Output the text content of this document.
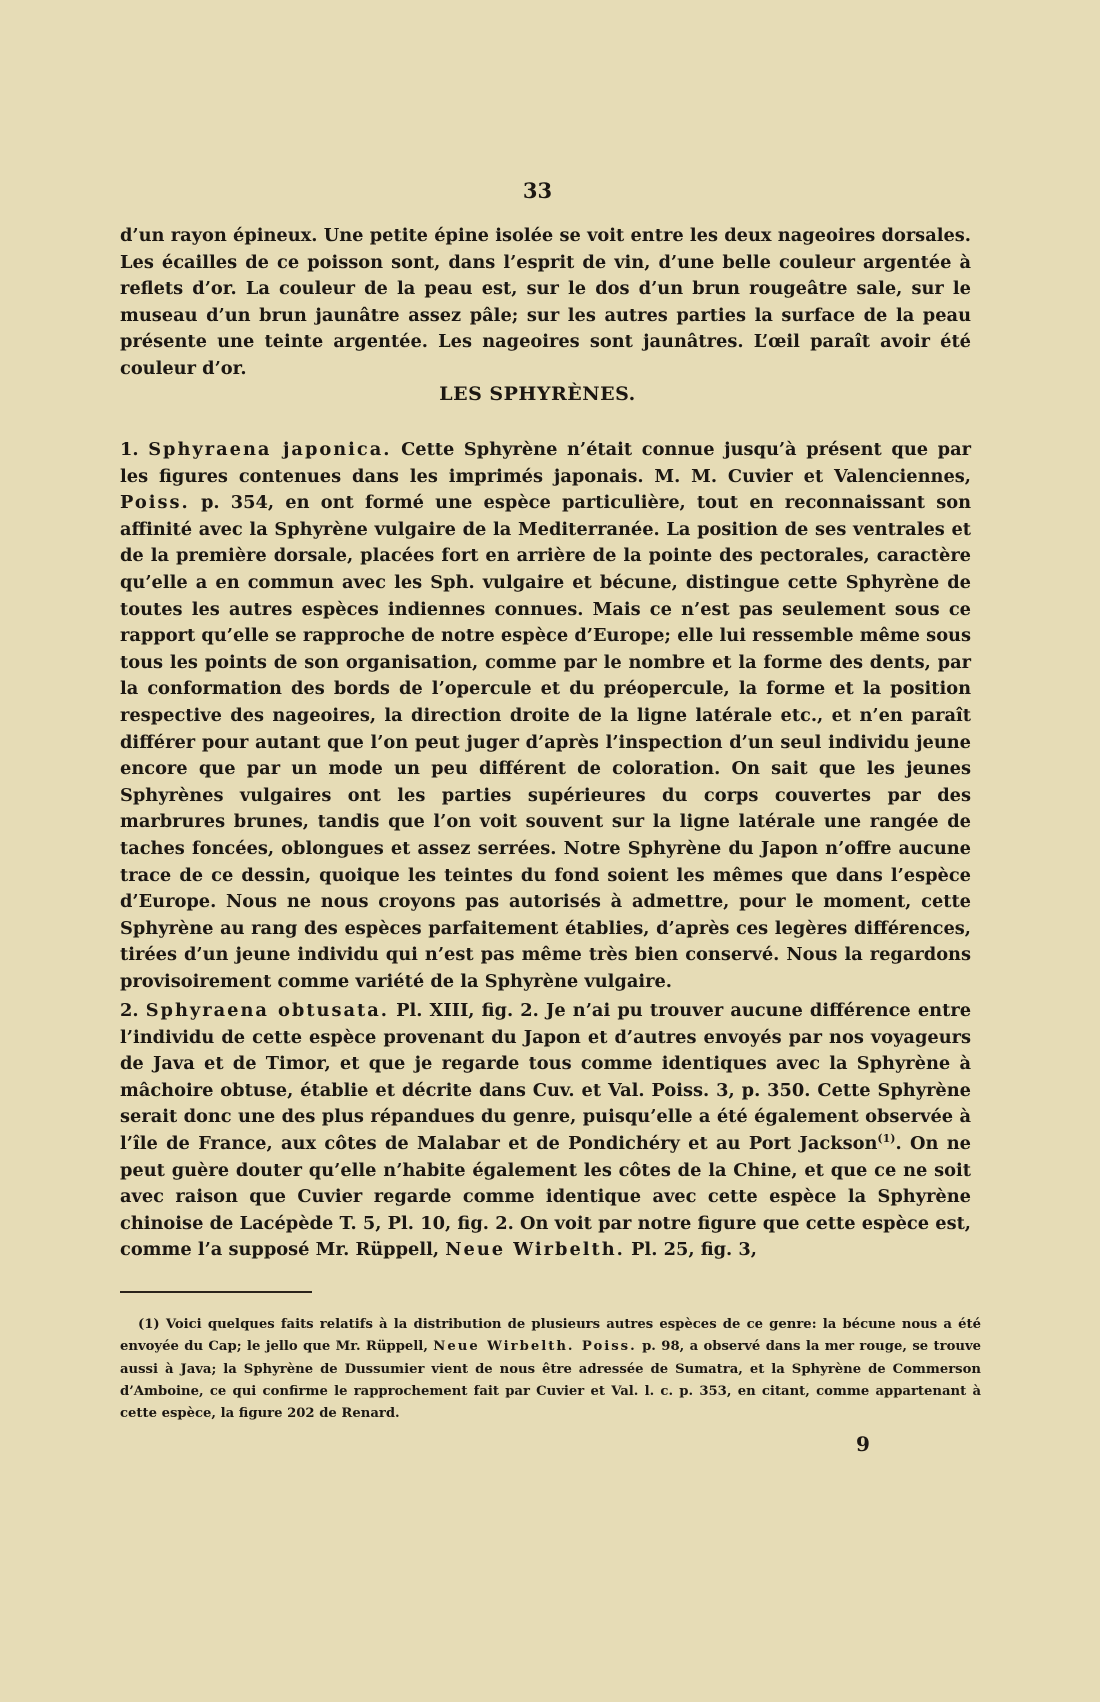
33

d’un rayon épineux. Une petite épine isolée se voit entre les deux nageoires dorsales. Les écailles de ce poisson sont, dans l’esprit de vin, d’une belle couleur argentée à reflets d’or. La couleur de la peau est, sur le dos d’un brun rougeâtre sale, sur le museau d’un brun jaunâtre assez pâle; sur les autres parties la surface de la peau présente une teinte argentée. Les nageoires sont jaunâtres. L’œil paraît avoir été couleur d’or.

LES SPHYRÈNES.

1. Sphyraena japonica. Cette Sphyrène n’était connue jusqu’à présent que par les figures contenues dans les imprimés japonais. M. M. Cuvier et Valenciennes, Poiss. p. 354, en ont formé une espèce particulière, tout en reconnaissant son affinité avec la Sphyrène vulgaire de la Mediterranée. La position de ses ventrales et de la première dorsale, placées fort en arrière de la pointe des pectorales, caractère qu’elle a en commun avec les Sph. vulgaire et bécune, distingue cette Sphyrène de toutes les autres espèces indiennes connues. Mais ce n’est pas seulement sous ce rapport qu’elle se rapproche de notre espèce d’Europe; elle lui ressemble même sous tous les points de son organisation, comme par le nombre et la forme des dents, par la conformation des bords de l’opercule et du préopercule, la forme et la position respective des nageoires, la direction droite de la ligne latérale etc., et n’en paraît différer pour autant que l’on peut juger d’après l’inspection d’un seul individu jeune encore que par un mode un peu différent de coloration. On sait que les jeunes Sphyrènes vulgaires ont les parties supérieures du corps couvertes par des marbrures brunes, tandis que l’on voit souvent sur la ligne latérale une rangée de taches foncées, oblongues et assez serrées. Notre Sphyrène du Japon n’offre aucune trace de ce dessin, quoique les teintes du fond soient les mêmes que dans l’espèce d’Europe. Nous ne nous croyons pas autorisés à admettre, pour le moment, cette Sphyrène au rang des espèces parfaitement établies, d’après ces legères différences, tirées d’un jeune individu qui n’est pas même très bien conservé. Nous la regardons provisoirement comme variété de la Sphyrène vulgaire.

2. Sphyraena obtusata. Pl. XIII, fig. 2. Je n’ai pu trouver aucune différence entre l’individu de cette espèce provenant du Japon et d’autres envoyés par nos voyageurs de Java et de Timor, et que je regarde tous comme identiques avec la Sphyrène à mâchoire obtuse, établie et décrite dans Cuv. et Val. Poiss. 3, p. 350. Cette Sphyrène serait donc une des plus répandues du genre, puisqu’elle a été également observée à l’île de France, aux côtes de Malabar et de Pondichéry et au Port Jackson$^{(1)}$. On ne peut guère douter qu’elle n’habite également les côtes de la Chine, et que ce ne soit avec raison que Cuvier regarde comme identique avec cette espèce la Sphyrène chinoise de Lacépède T. 5, Pl. 10, fig. 2. On voit par notre figure que cette espèce est, comme l’a supposé Mr. Rüppell, Neue Wirbelth. Pl. 25, fig. 3,

(1) Voici quelques faits relatifs à la distribution de plusieurs autres espèces de ce genre: la bécune nous a été envoyée du Cap; le jello que Mr. Rüppell, Neue Wirbelth. Poiss. p. 98, a observé dans la mer rouge, se trouve aussi à Java; la Sphyrène de Dussumier vient de nous être adressée de Sumatra, et la Sphyrène de Commerson d’Amboine, ce qui confirme le rapprochement fait par Cuvier et Val. l. c. p. 353, en citant, comme appartenant à cette espèce, la figure 202 de Renard.

9
